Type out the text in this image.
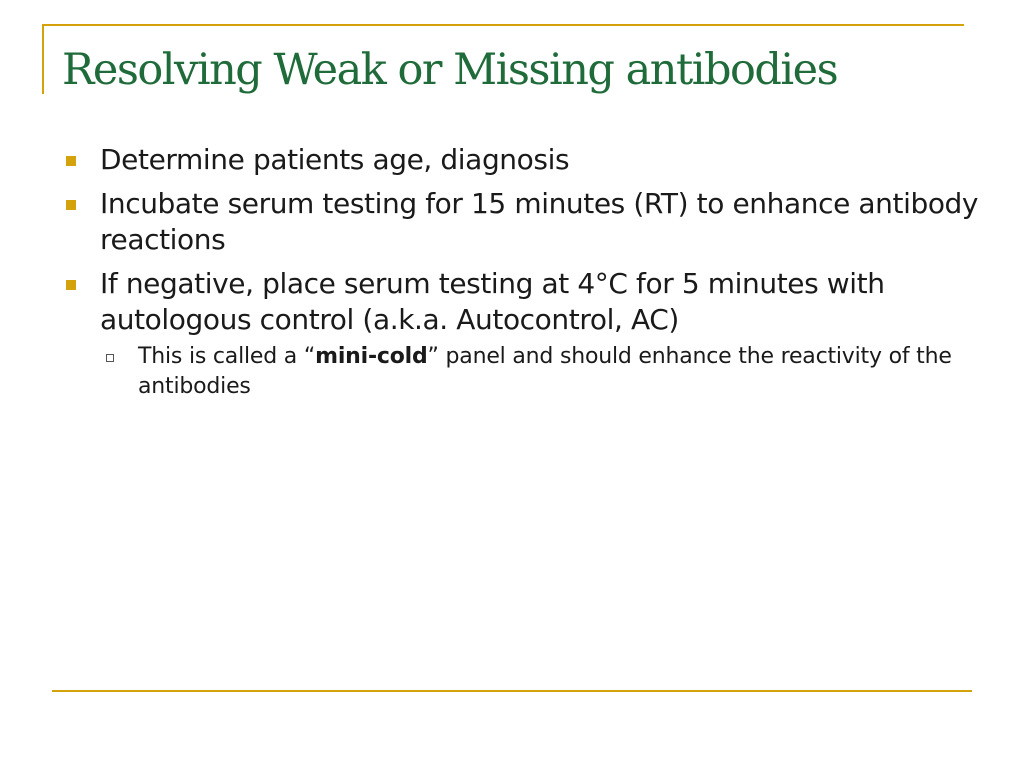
Resolving Weak or Missing antibodies
Determine patients age, diagnosis
Incubate serum testing for 15 minutes (RT) to enhance antibody reactions
If negative, place serum testing at 4°C for 5 minutes with autologous control (a.k.a. Autocontrol, AC)
This is called a “mini-cold” panel and should enhance the reactivity of the antibodies
